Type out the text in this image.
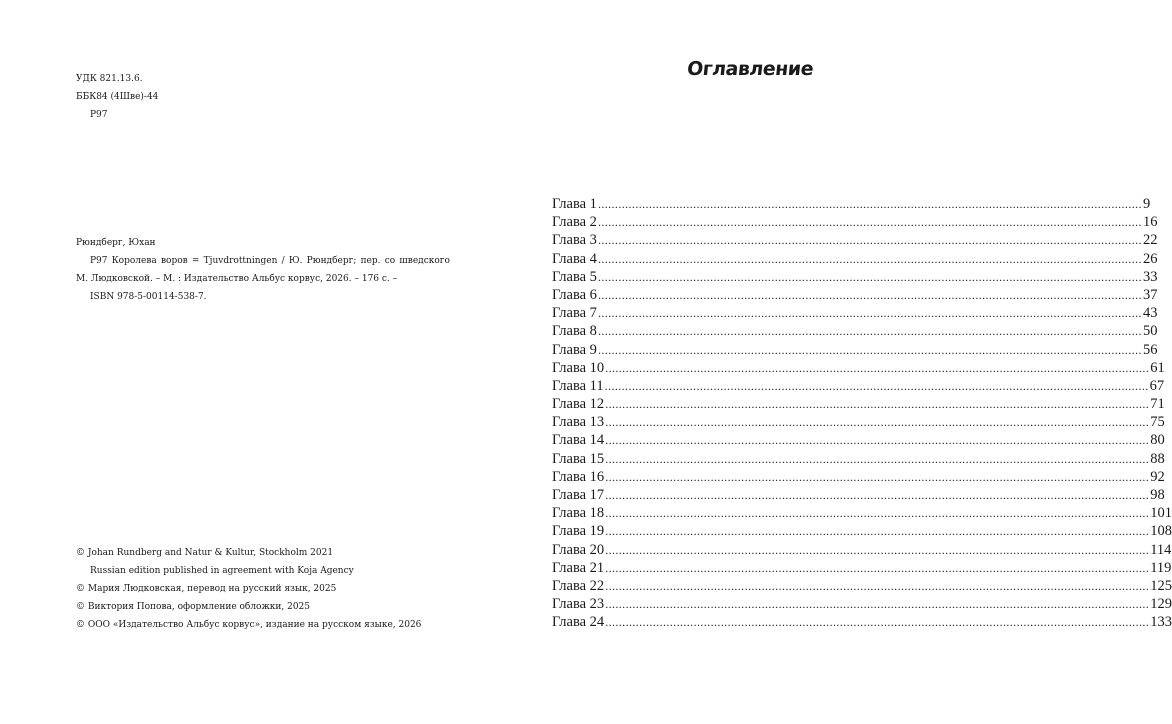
УДК 821.13.6.
ББК84 (4Шве)-44
Р97
Рюндберг, Юхан
Р97 Королева воров = Tjuvdrottningen / Ю. Рюндберг; пер. со шведского
М. Людковской. – М. : Издательство Альбус корвус, 2026. – 176 с. –
ISBN 978-5-00114-538-7.
© Johan Rundberg and Natur & Kultur, Stockholm 2021
Russian edition published in agreement with Koja Agency
© Мария Людковская, перевод на русский язык, 2025
© Виктория Попова, оформление обложки, 2025
© ООО «Издательство Альбус корвус», издание на русском языке, 2026
Оглавление
Глава 1 ................................................................................................................................................................ 9
Глава 2 ................................................................................................................................................................ 16
Глава 3 ................................................................................................................................................................ 22
Глава 4 ................................................................................................................................................................ 26
Глава 5 ................................................................................................................................................................ 33
Глава 6 ................................................................................................................................................................ 37
Глава 7 ................................................................................................................................................................ 43
Глава 8 ................................................................................................................................................................ 50
Глава 9 ................................................................................................................................................................ 56
Глава 10 ................................................................................................................................................................ 61
Глава 11 ................................................................................................................................................................ 67
Глава 12 ................................................................................................................................................................ 71
Глава 13 ................................................................................................................................................................ 75
Глава 14 ................................................................................................................................................................ 80
Глава 15 ................................................................................................................................................................ 88
Глава 16 ................................................................................................................................................................ 92
Глава 17 ................................................................................................................................................................ 98
Глава 18 ................................................................................................................................................................ 101
Глава 19 ................................................................................................................................................................ 108
Глава 20 ................................................................................................................................................................ 114
Глава 21 ................................................................................................................................................................ 119
Глава 22 ................................................................................................................................................................ 125
Глава 23 ................................................................................................................................................................ 129
Глава 24 ................................................................................................................................................................ 133
